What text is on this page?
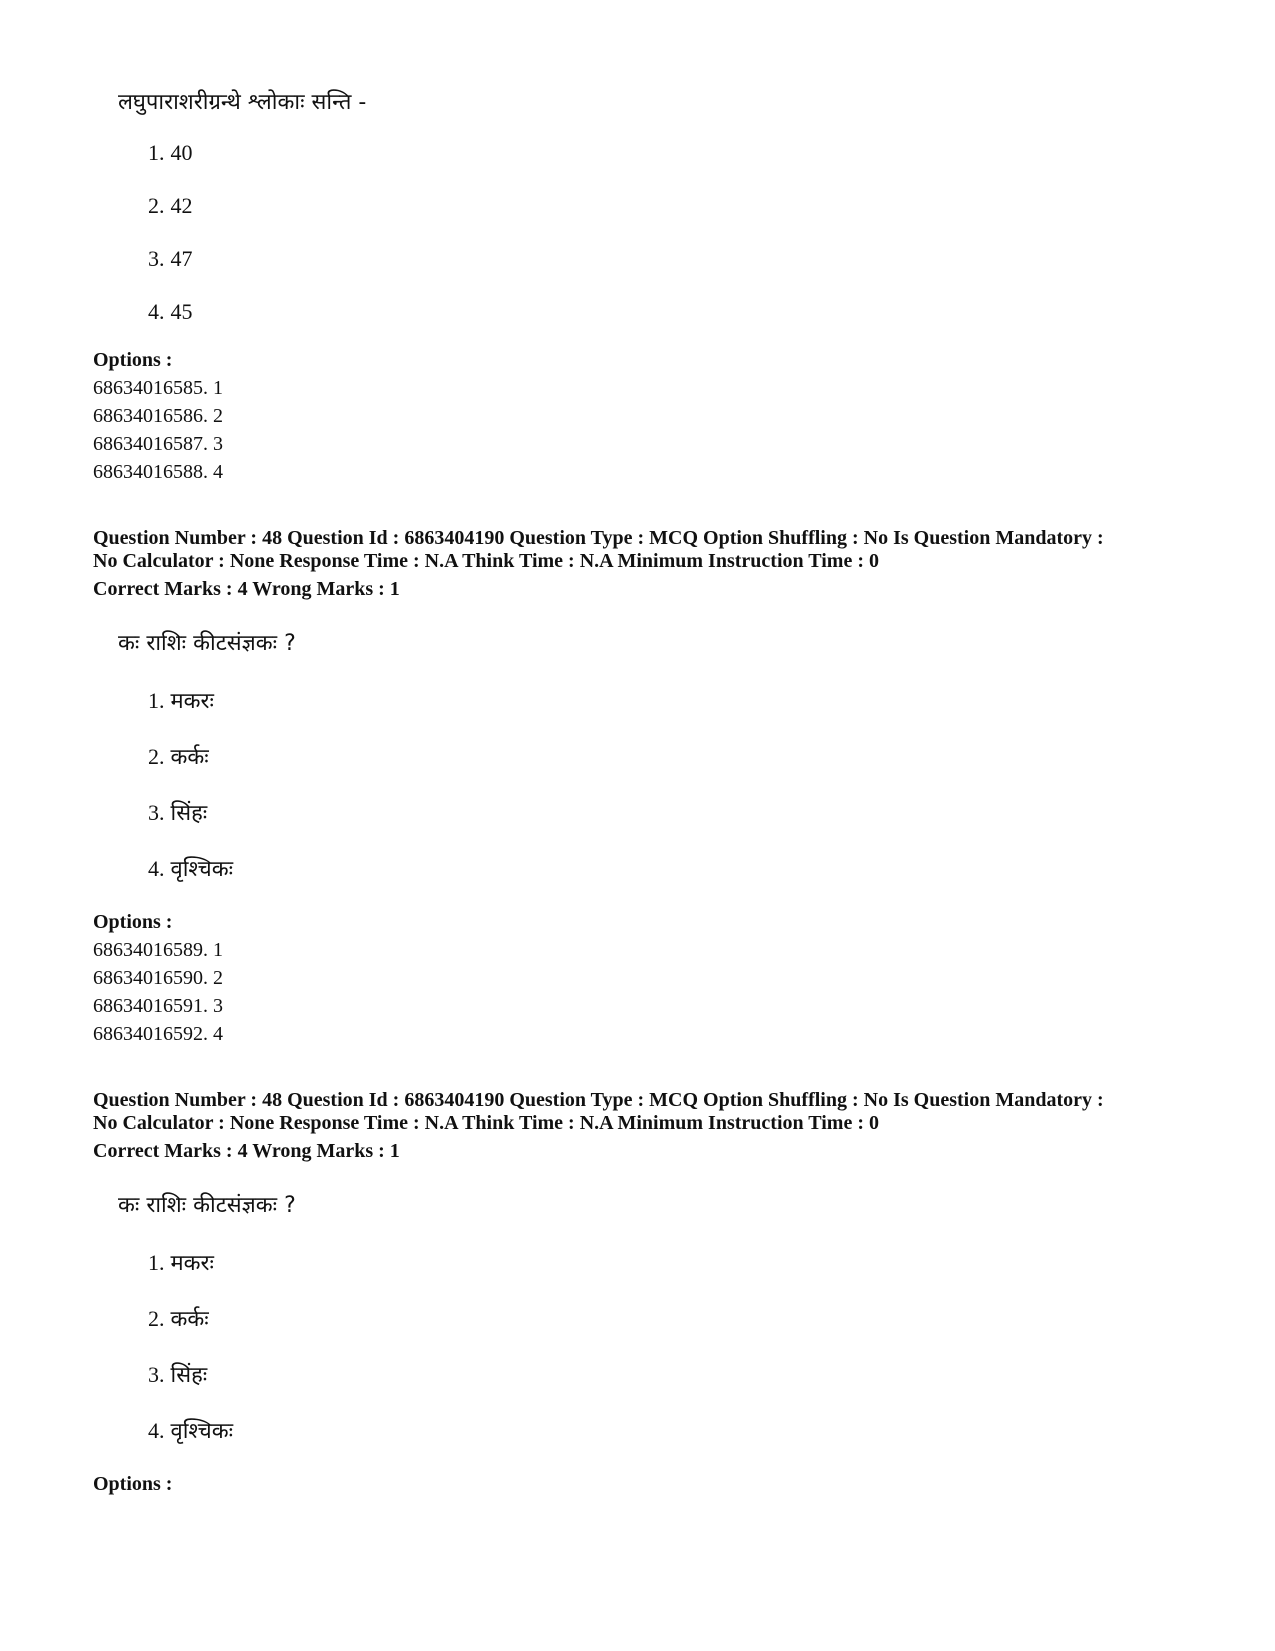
लघुपाराशरीग्रन्थे श्लोकाः सन्ति -
1. 40
2. 42
3. 47
4. 45
Options :
68634016585. 1
68634016586. 2
68634016587. 3
68634016588. 4
Question Number : 48 Question Id : 6863404190 Question Type : MCQ Option Shuffling : No Is Question Mandatory :
No Calculator : None Response Time : N.A Think Time : N.A Minimum Instruction Time : 0
Correct Marks : 4 Wrong Marks : 1
कः राशिः कीटसंज्ञकः ?
1. मकरः
2. कर्कः
3. सिंहः
4. वृश्चिकः
Options :
68634016589. 1
68634016590. 2
68634016591. 3
68634016592. 4
Question Number : 48 Question Id : 6863404190 Question Type : MCQ Option Shuffling : No Is Question Mandatory :
No Calculator : None Response Time : N.A Think Time : N.A Minimum Instruction Time : 0
Correct Marks : 4 Wrong Marks : 1
कः राशिः कीटसंज्ञकः ?
1. मकरः
2. कर्कः
3. सिंहः
4. वृश्चिकः
Options :
